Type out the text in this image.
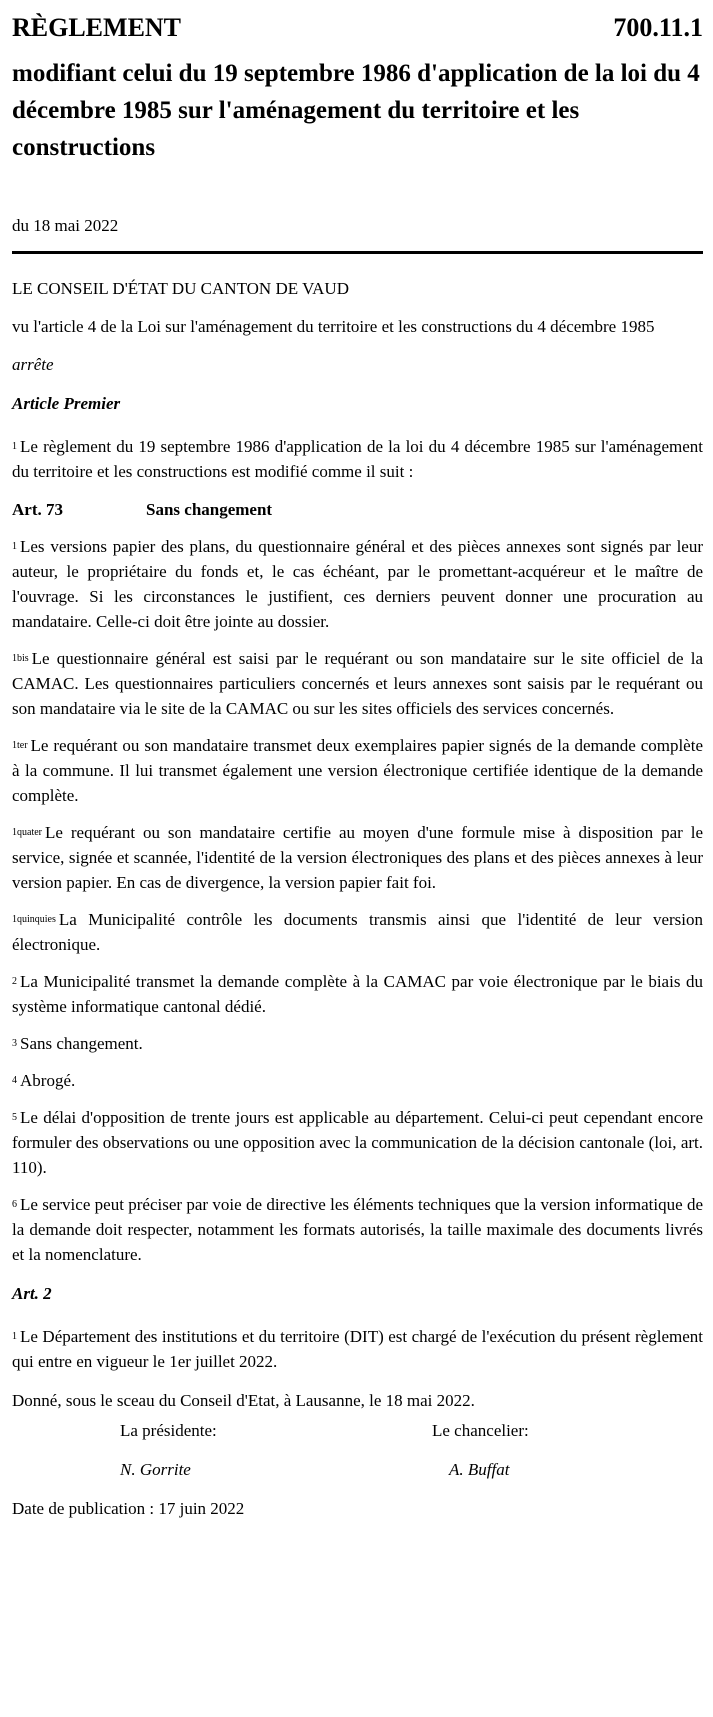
RÈGLEMENT	700.11.1
modifiant celui du 19 septembre 1986 d'application de la loi du 4 décembre 1985 sur l'aménagement du territoire et les constructions
du 18 mai 2022

LE CONSEIL D'ÉTAT DU CANTON DE VAUD

vu l'article 4 de la Loi sur l'aménagement du territoire et les constructions du 4 décembre 1985

arrête

Article Premier

$^1$ Le règlement du 19 septembre 1986 d'application de la loi du 4 décembre 1985 sur l'aménagement du territoire et les constructions est modifié comme il suit :

Art. 73	Sans changement

$^1$ Les versions papier des plans, du questionnaire général et des pièces annexes sont signés par leur auteur, le propriétaire du fonds et, le cas échéant, par le promettant-acquéreur et le maître de l'ouvrage. Si les circonstances le justifient, ces derniers peuvent donner une procuration au mandataire. Celle-ci doit être jointe au dossier.

$^{1bis}$ Le questionnaire général est saisi par le requérant ou son mandataire sur le site officiel de la CAMAC. Les questionnaires particuliers concernés et leurs annexes sont saisis par le requérant ou son mandataire via le site de la CAMAC ou sur les sites officiels des services concernés.

$^{1ter}$ Le requérant ou son mandataire transmet deux exemplaires papier signés de la demande complète à la commune. Il lui transmet également une version électronique certifiée identique de la demande complète.

$^{1quater}$ Le requérant ou son mandataire certifie au moyen d'une formule mise à disposition par le service, signée et scannée, l'identité de la version électroniques des plans et des pièces annexes à leur version papier. En cas de divergence, la version papier fait foi.

$^{1quinquies}$ La Municipalité contrôle les documents transmis ainsi que l'identité de leur version électronique.

$^2$ La Municipalité transmet la demande complète à la CAMAC par voie électronique par le biais du système informatique cantonal dédié.

$^3$ Sans changement.

$^4$ Abrogé.

$^5$ Le délai d'opposition de trente jours est applicable au département. Celui-ci peut cependant encore formuler des observations ou une opposition avec la communication de la décision cantonale (loi, art. 110).

$^6$ Le service peut préciser par voie de directive les éléments techniques que la version informatique de la demande doit respecter, notamment les formats autorisés, la taille maximale des documents livrés et la nomenclature.

Art. 2

$^1$ Le Département des institutions et du territoire (DIT) est chargé de l'exécution du présent règlement qui entre en vigueur le 1er juillet 2022.

Donné, sous le sceau du Conseil d'Etat, à Lausanne, le 18 mai 2022.

La présidente:	Le chancelier:
N. Gorrite	A. Buffat

Date de publication : 17 juin 2022
